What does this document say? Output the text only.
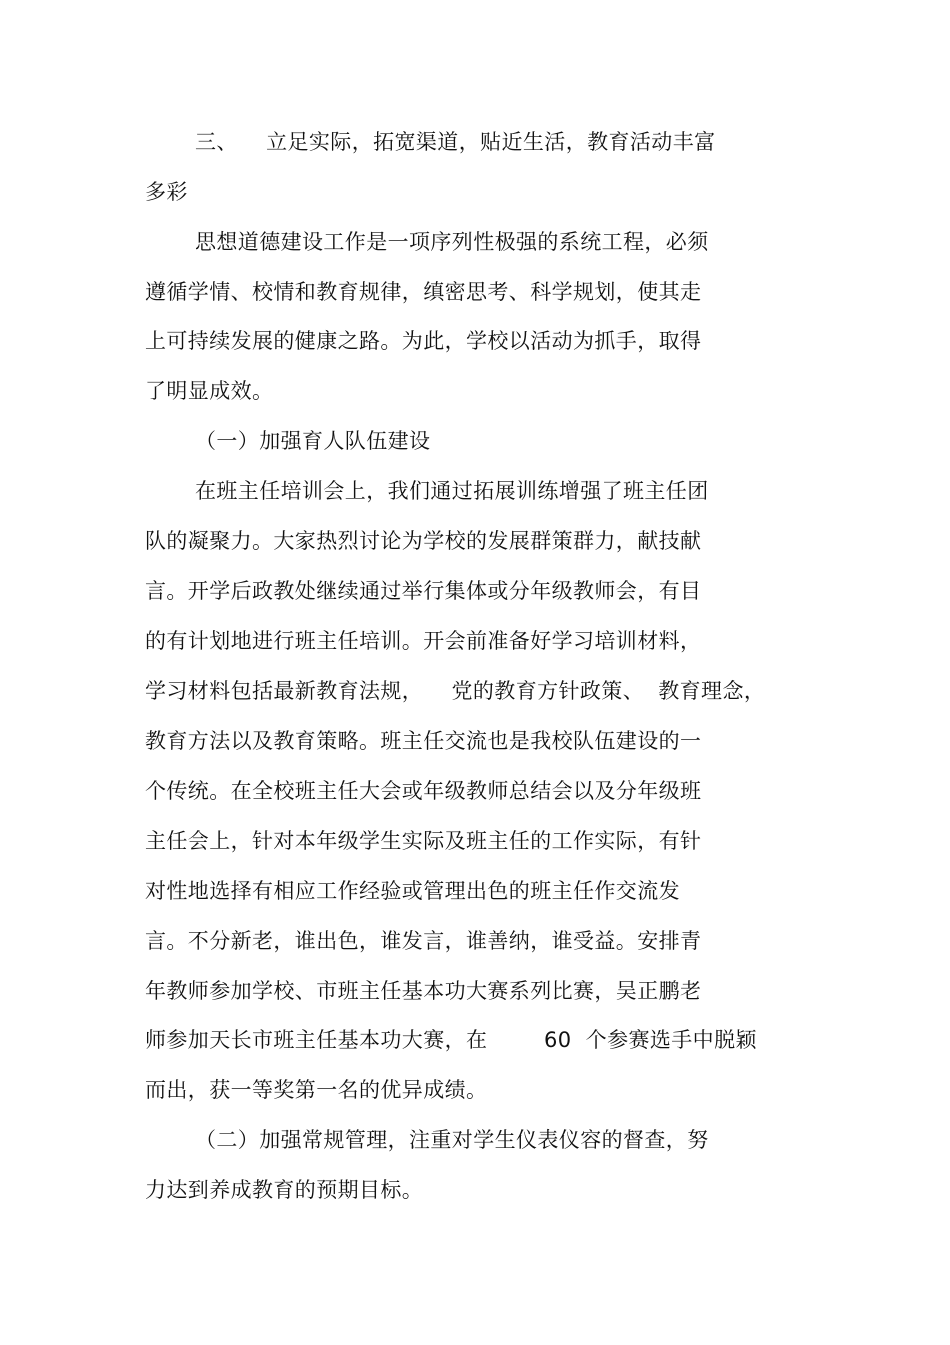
三、    立足实际，拓宽渠道，贴近生活，教育活动丰富
多彩
思想道德建设工作是一项序列性极强的系统工程，必须
遵循学情、校情和教育规律，缜密思考、科学规划，使其走
上可持续发展的健康之路。为此，学校以活动为抓手，取得
了明显成效。
（一）加强育人队伍建设
在班主任培训会上，我们通过拓展训练增强了班主任团
队的凝聚力。大家热烈讨论为学校的发展群策群力，献技献
言。开学后政教处继续通过举行集体或分年级教师会，有目
的有计划地进行班主任培训。开会前准备好学习培训材料，
学习材料包括最新教育法规，    党的教育方针政策、  教育理念，
教育方法以及教育策略。班主任交流也是我校队伍建设的一
个传统。在全校班主任大会或年级教师总结会以及分年级班
主任会上，针对本年级学生实际及班主任的工作实际，有针
对性地选择有相应工作经验或管理出色的班主任作交流发
言。不分新老，谁出色，谁发言，谁善纳，谁受益。安排青
年教师参加学校、市班主任基本功大赛系列比赛，吴正鹏老
师参加天长市班主任基本功大赛，在        60  个参赛选手中脱颖
而出，获一等奖第一名的优异成绩。
（二）加强常规管理，注重对学生仪表仪容的督查，努
力达到养成教育的预期目标。
